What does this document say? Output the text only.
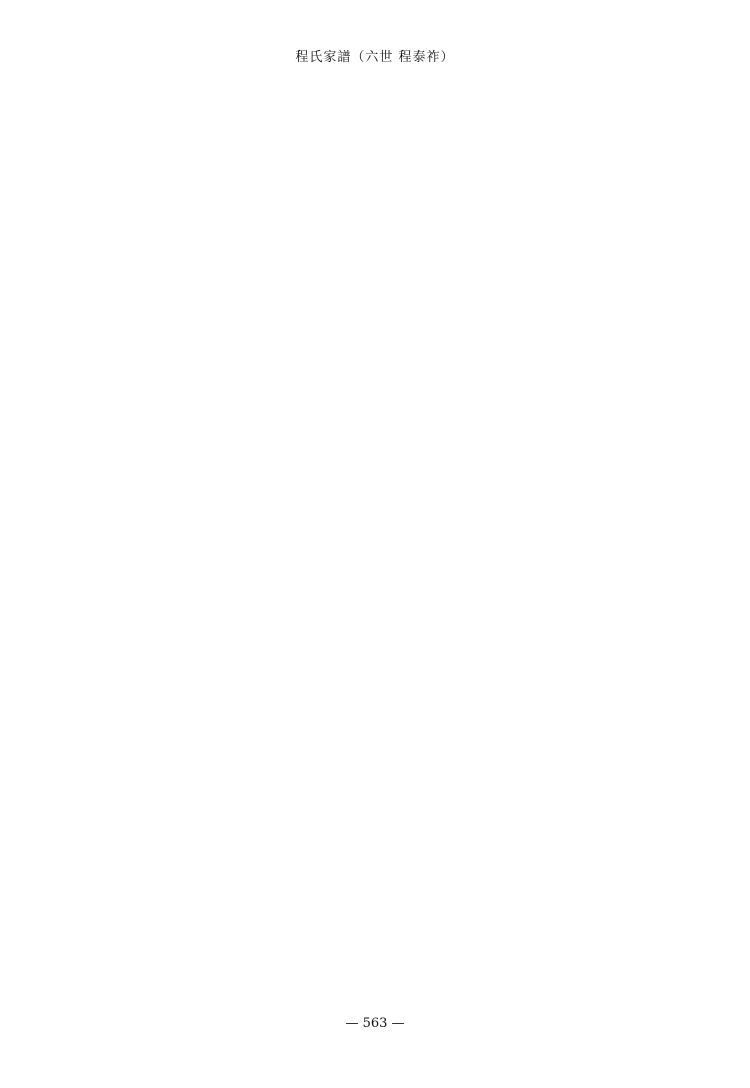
程氏家譜（六世 程泰祚）
— 563 —
